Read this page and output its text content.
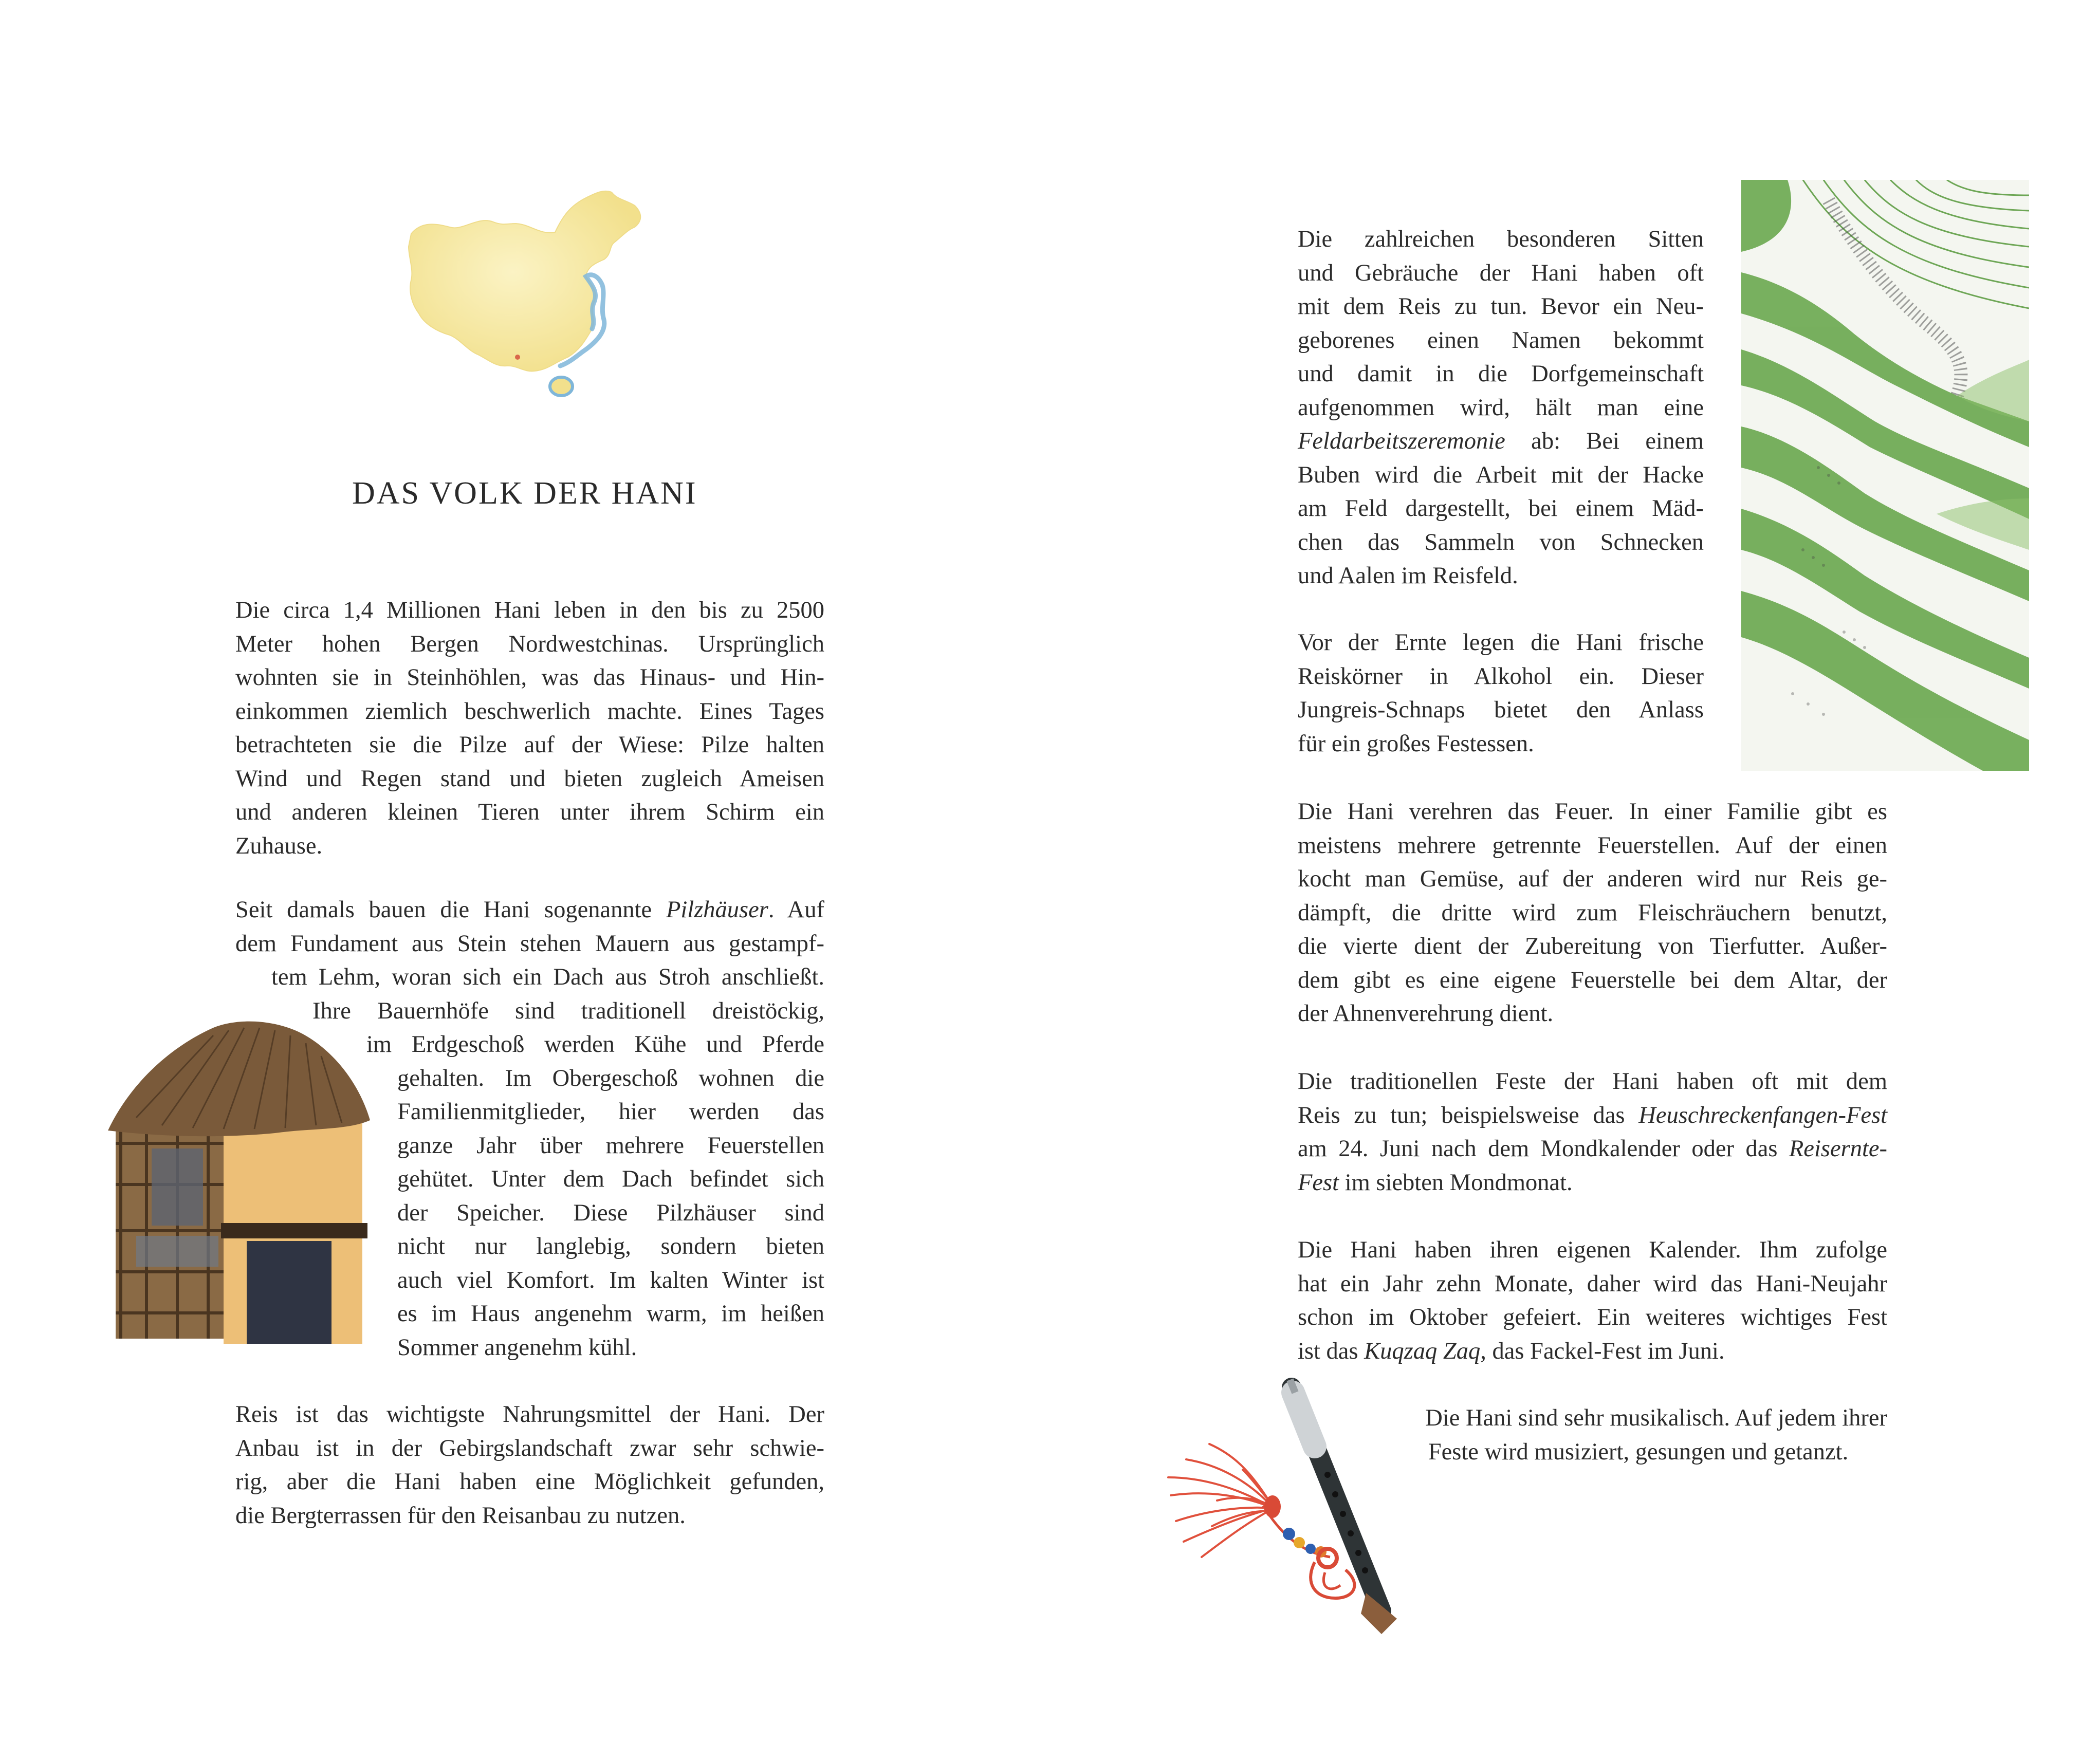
DAS VOLK DER HANI
Die circa 1,4 Millionen Hani leben in den bis zu 2500
Meter hohen Bergen Nordwestchinas. Ursprünglich
wohnten sie in Steinhöhlen, was das Hinaus- und Hin-
einkommen ziemlich beschwerlich machte. Eines Tages
betrachteten sie die Pilze auf der Wiese: Pilze halten
Wind und Regen stand und bieten zugleich Ameisen
und anderen kleinen Tieren unter ihrem Schirm ein
Zuhause.
Seit damals bauen die Hani sogenannte Pilzhäuser. Auf
dem Fundament aus Stein stehen Mauern aus gestampf-
tem Lehm, woran sich ein Dach aus Stroh anschließt.
Ihre Bauernhöfe sind traditionell dreistöckig,
im Erdgeschoß werden Kühe und Pferde
gehalten. Im Obergeschoß wohnen die
Familienmitglieder, hier werden das
ganze Jahr über mehrere Feuerstellen
gehütet. Unter dem Dach befindet sich
der Speicher. Diese Pilzhäuser sind
nicht nur langlebig, sondern bieten
auch viel Komfort. Im kalten Winter ist
es im Haus angenehm warm, im heißen
Sommer angenehm kühl.
Reis ist das wichtigste Nahrungsmittel der Hani. Der
Anbau ist in der Gebirgslandschaft zwar sehr schwie-
rig, aber die Hani haben eine Möglichkeit gefunden,
die Bergterrassen für den Reisanbau zu nutzen.
Die zahlreichen besonderen Sitten
und Gebräuche der Hani haben oft
mit dem Reis zu tun. Bevor ein Neu-
geborenes einen Namen bekommt
und damit in die Dorfgemeinschaft
aufgenommen wird, hält man eine
Feldarbeitszeremonie ab: Bei einem
Buben wird die Arbeit mit der Hacke
am Feld dargestellt, bei einem Mäd-
chen das Sammeln von Schnecken
und Aalen im Reisfeld.
Vor der Ernte legen die Hani frische
Reiskörner in Alkohol ein. Dieser
Jungreis-Schnaps bietet den Anlass
für ein großes Festessen.
Die Hani verehren das Feuer. In einer Familie gibt es
meistens mehrere getrennte Feuerstellen. Auf der einen
kocht man Gemüse, auf der anderen wird nur Reis ge-
dämpft, die dritte wird zum Fleischräuchern benutzt,
die vierte dient der Zubereitung von Tierfutter. Außer-
dem gibt es eine eigene Feuerstelle bei dem Altar, der
der Ahnenverehrung dient.
Die traditionellen Feste der Hani haben oft mit dem
Reis zu tun; beispielsweise das Heuschreckenfangen-Fest
am 24. Juni nach dem Mondkalender oder das Reisernte-
Fest im siebten Mondmonat.
Die Hani haben ihren eigenen Kalender. Ihm zufolge
hat ein Jahr zehn Monate, daher wird das Hani-Neujahr
schon im Oktober gefeiert. Ein weiteres wichtiges Fest
ist das Kuqzaq Zaq, das Fackel-Fest im Juni.
Die Hani sind sehr musikalisch. Auf jedem ihrer
Feste wird musiziert, gesungen und getanzt.
